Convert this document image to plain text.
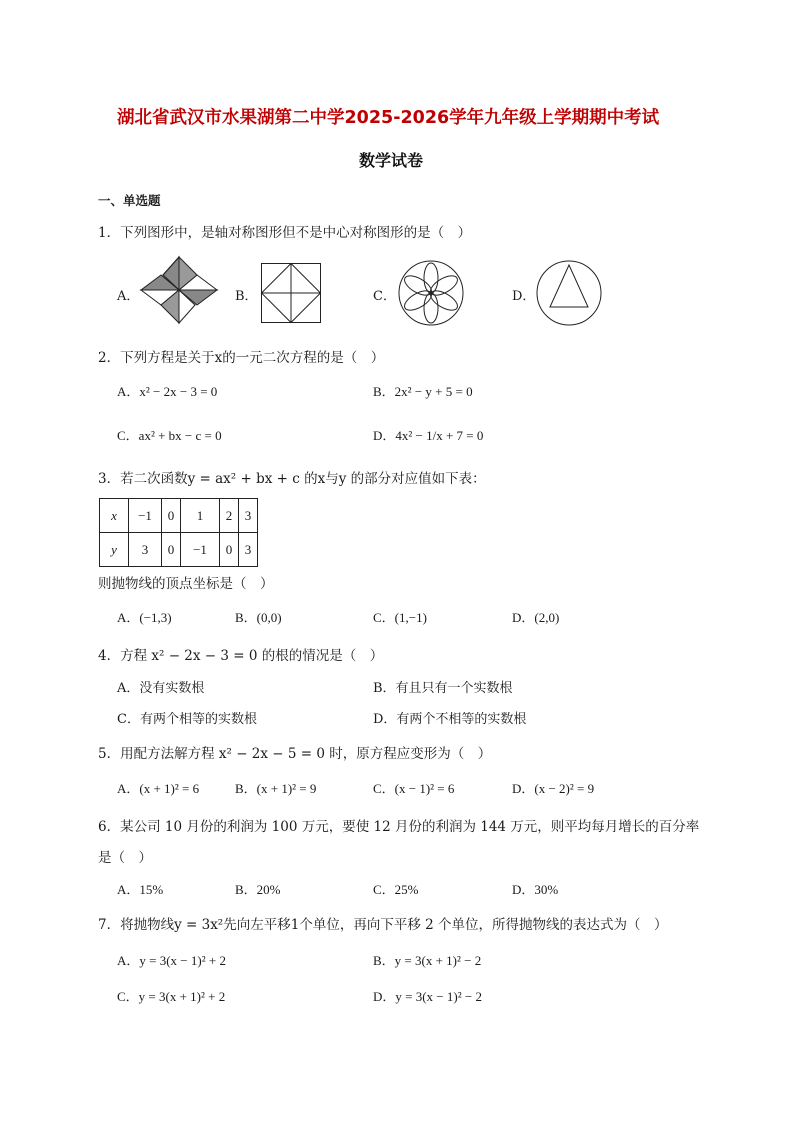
湖北省武汉市水果湖第二中学2025-2026学年九年级上学期期中考试
数学试卷
一、单选题
1．下列图形中，是轴对称图形但不是中心对称图形的是（　）
A．	B．	C．	D．
2．下列方程是关于x的一元二次方程的是（　）
A．x² − 2x − 3 = 0	B．2x² − y + 5 = 0
C．ax² + bx − c = 0	D．4x² − 1/x + 7 = 0
3．若二次函数y = ax² + bx + c 的x与y 的部分对应值如下表：
x	−1	0	1	2	3
y	3	0	−1	0	3
则抛物线的顶点坐标是（　）
A．(−1,3)	B．(0,0)	C．(1,−1)	D．(2,0)
4．方程 x² − 2x − 3 = 0 的根的情况是（　）
A．没有实数根	B．有且只有一个实数根
C．有两个相等的实数根	D．有两个不相等的实数根
5．用配方法解方程 x² − 2x − 5 = 0 时，原方程应变形为（　）
A．(x + 1)² = 6	B．(x + 1)² = 9	C．(x − 1)² = 6	D．(x − 2)² = 9
6．某公司 10 月份的利润为 100 万元，要使 12 月份的利润为 144 万元，则平均每月增长的百分率
是（　）
A．15%	B．20%	C．25%	D．30%
7．将抛物线y = 3x²先向左平移1个单位，再向下平移 2 个单位，所得抛物线的表达式为（　）
A．y = 3(x − 1)² + 2	B．y = 3(x + 1)² − 2
C．y = 3(x + 1)² + 2	D．y = 3(x − 1)² − 2
